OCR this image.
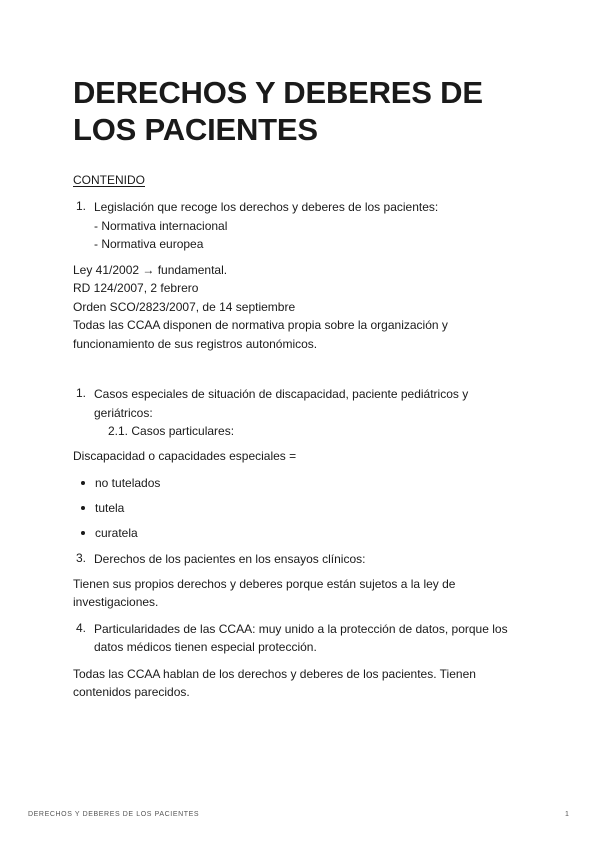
DERECHOS Y DEBERES DE LOS PACIENTES
CONTENIDO
1. Legislación que recoge los derechos y deberes de los pacientes:
- Normativa internacional
- Normativa europea
Ley 41/2002 → fundamental.
RD 124/2007, 2 febrero
Orden SCO/2823/2007, de 14 septiembre
Todas las CCAA disponen de normativa propia sobre la organización y
funcionamiento de sus registros autonómicos.
1. Casos especiales de situación de discapacidad, paciente pediátricos y
geriátricos:
2.1. Casos particulares:
Discapacidad o capacidades especiales =
no tutelados
tutela
curatela
3. Derechos de los pacientes en los ensayos clínicos:
Tienen sus propios derechos y deberes porque están sujetos a la ley de
investigaciones.
4. Particularidades de las CCAA: muy unido a la protección de datos, porque los
datos médicos tienen especial protección.
Todas las CCAA hablan de los derechos y deberes de los pacientes. Tienen
contenidos parecidos.
DERECHOS Y DEBERES DE LOS PACIENTES	1
